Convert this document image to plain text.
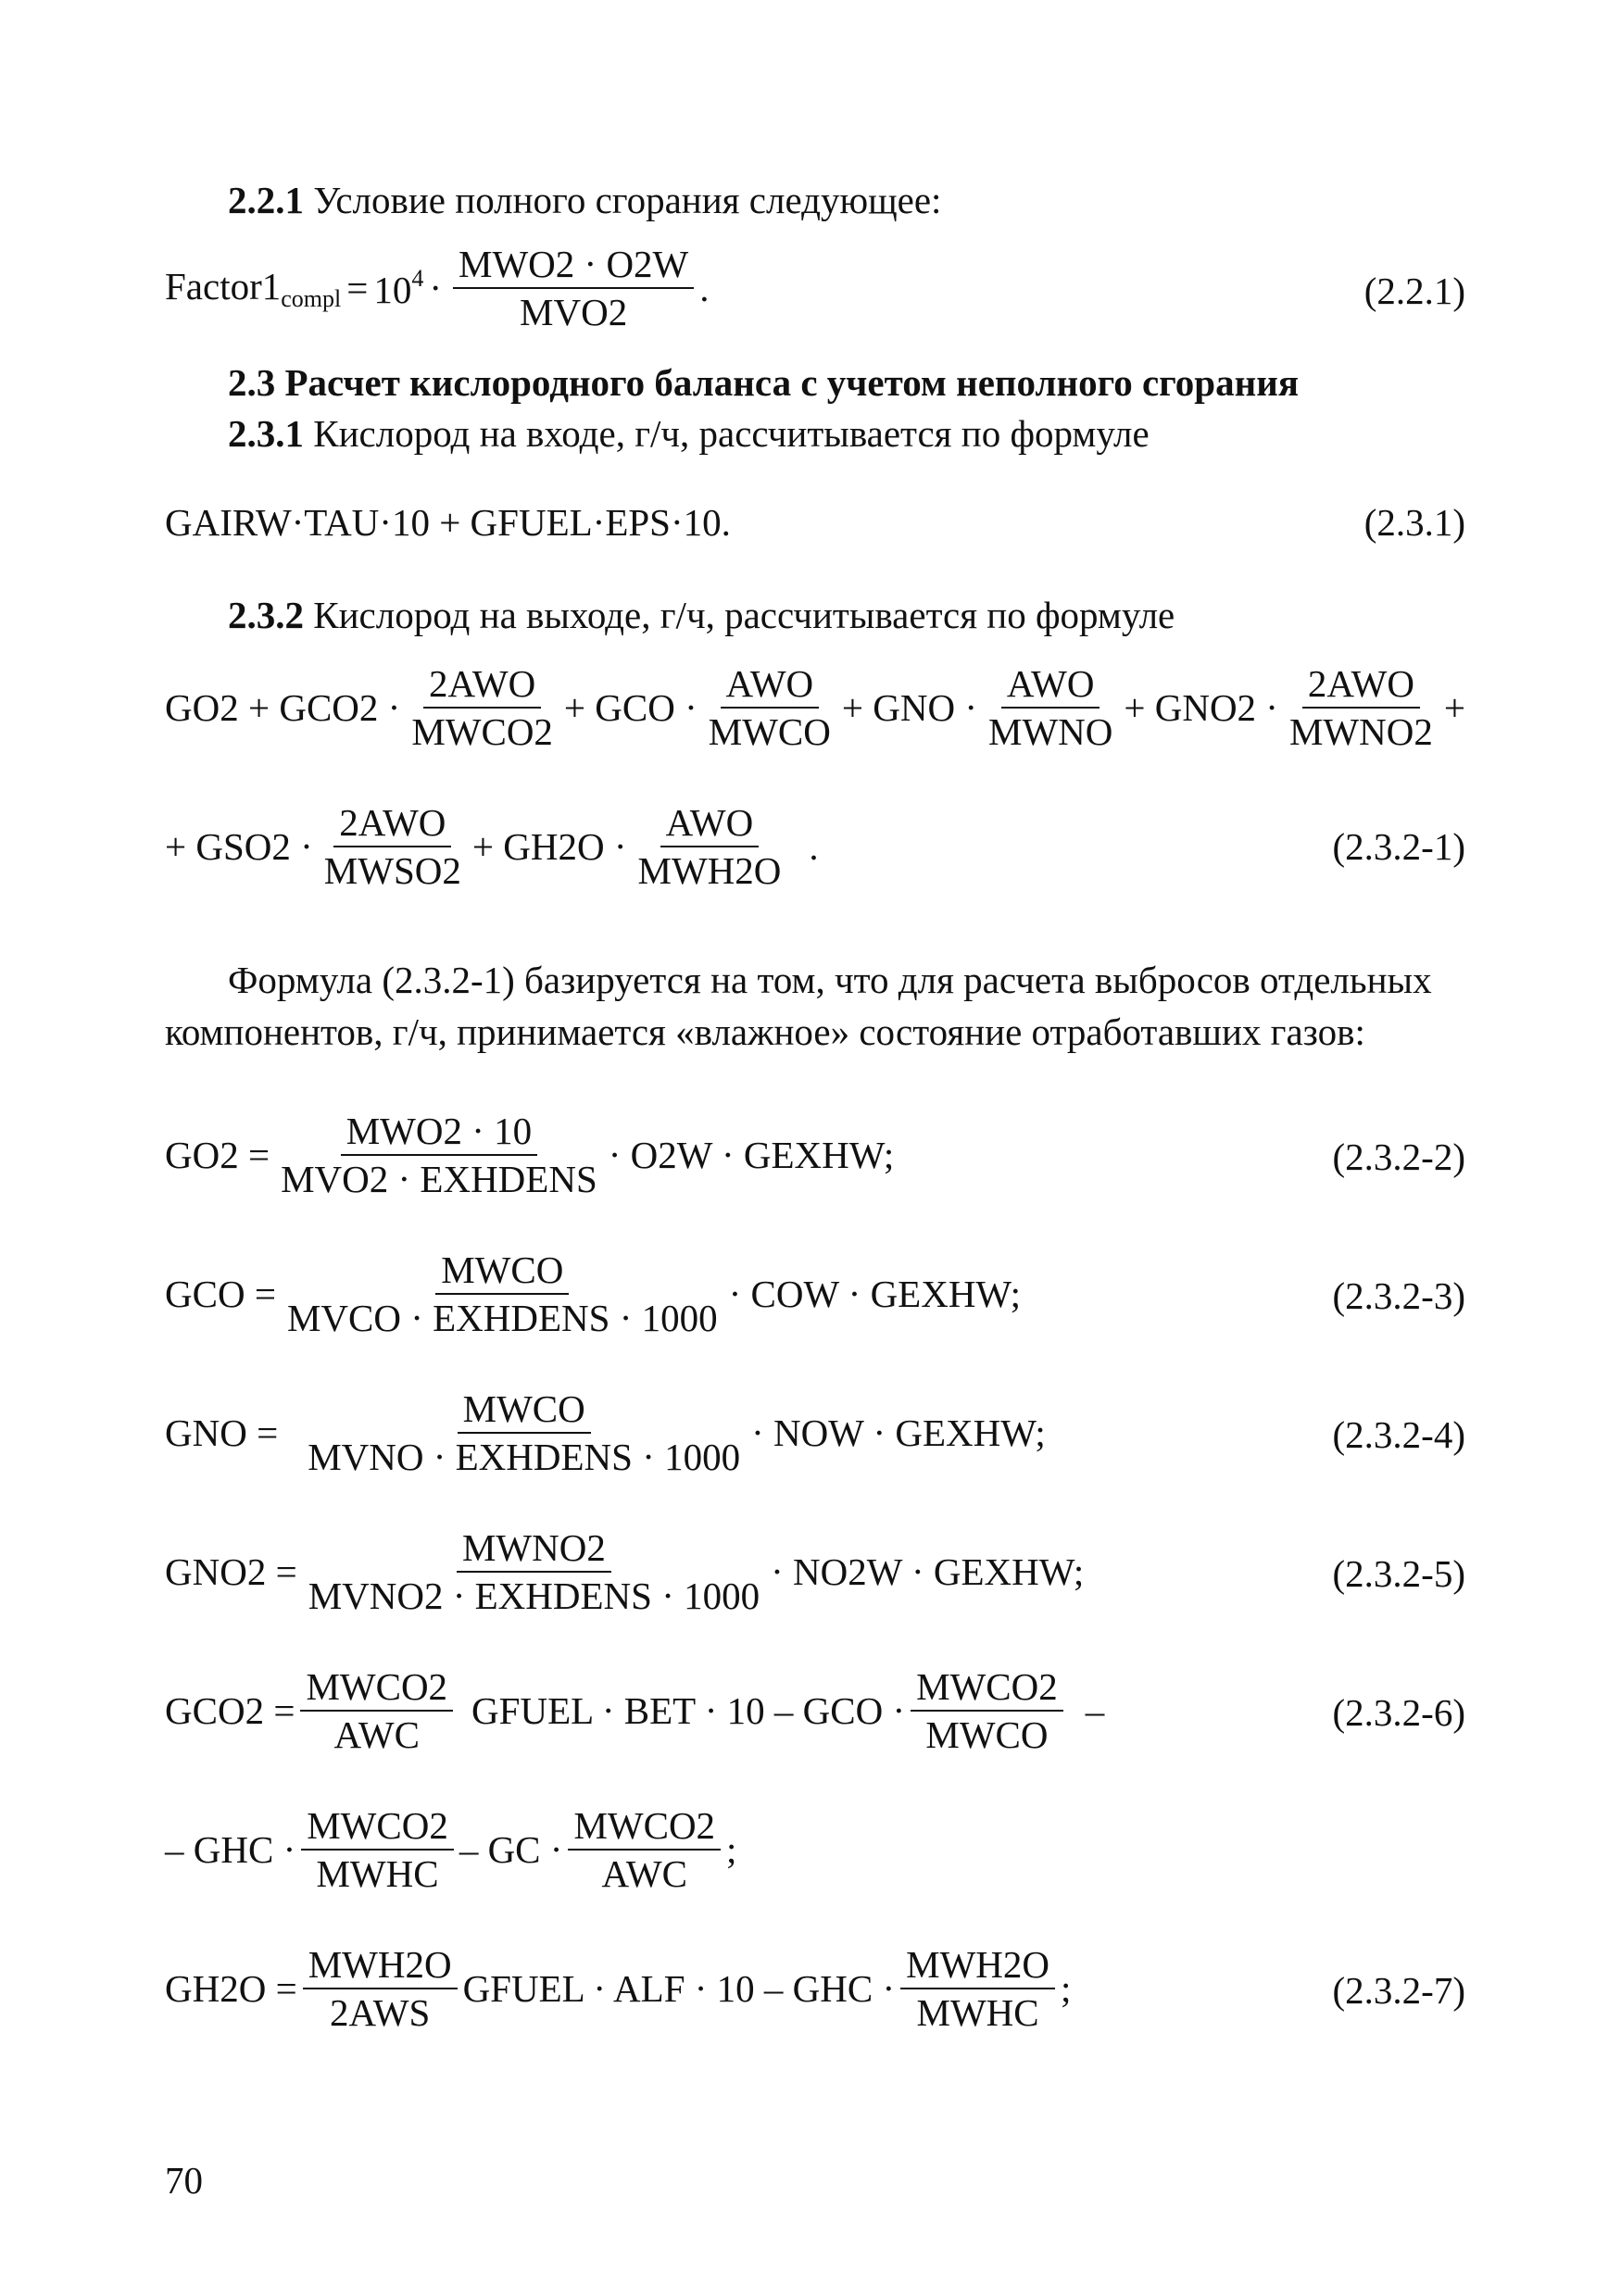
2.2.1 Условие полного сгорания следующее:
$Factor1_{compl} = 10^4 \cdot \frac{\text{MWO2 · O2W}}{\text{MVO2}}$ .	(2.2.1)
2.3 Расчет кислородного баланса с учетом неполного сгорания
2.3.1 Кислород на входе, г/ч, рассчитывается по формуле
GAIRW·TAU·10 + GFUEL·EPS·10.	(2.3.1)
2.3.2 Кислород на выходе, г/ч, рассчитывается по формуле
$GO2 + GCO2 \cdot \frac{\text{2AWO}}{\text{MWCO2}}$ + GCO · $\frac{\text{AWO}}{\text{MWCO}}$ + GNO · $\frac{\text{AWO}}{\text{MWNO}} + GNO2 \cdot \frac{\text{2AWO}}{\text{MWNO2}}$ +
+ $GSO2 \cdot \frac{\text{2AWO}}{\text{MWSO2}} + GH2O \cdot \frac{\text{AWO}}{\text{MWH2O}}$ .	(2.3.2-1)
Формула (2.3.2-1) базируется на том, что для расчета выбросов отдельных
компонентов, г/ч, принимается «влажное» состояние отработавших газов:
$GO2 = \frac{\text{MWO2 · 10}}{\text{MVO2 · EXHDENS}} \cdot O2W$ · GEXHW;	(2.3.2-2)
GCO = $\frac{\text{MWCO}}{\text{MVCO · EXHDENS · 1000}}$ · COW · GEXHW;	(2.3.2-3)
GNO = $\frac{\text{MWCO}}{\text{MVNO · EXHDENS · 1000}}$ · NOW · GEXHW;	(2.3.2-4)
$GNO2 = \frac{\text{MWNO2}}{\text{MVNO2 · EXHDENS · 1000}} \cdot NO2W$ · GEXHW;	(2.3.2-5)
$GCO2 = \frac{\text{MWCO2}}{\text{AWC}}$ GFUEL · BET · 10 – GCO · $\frac{\text{MWCO2}}{\text{MWCO}}$ –	(2.3.2-6)
– GHC · $\frac{\text{MWCO2}}{\text{MWHC}}$ – GC · $\frac{\text{MWCO2}}{\text{AWC}}$ ;
$GH2O = \frac{\text{MWH2O}}{\text{2AWS}}$ GFUEL · ALF · 10 – GHC · $\frac{\text{MWH2O}}{\text{MWHC}}$ ;	(2.3.2-7)
70
